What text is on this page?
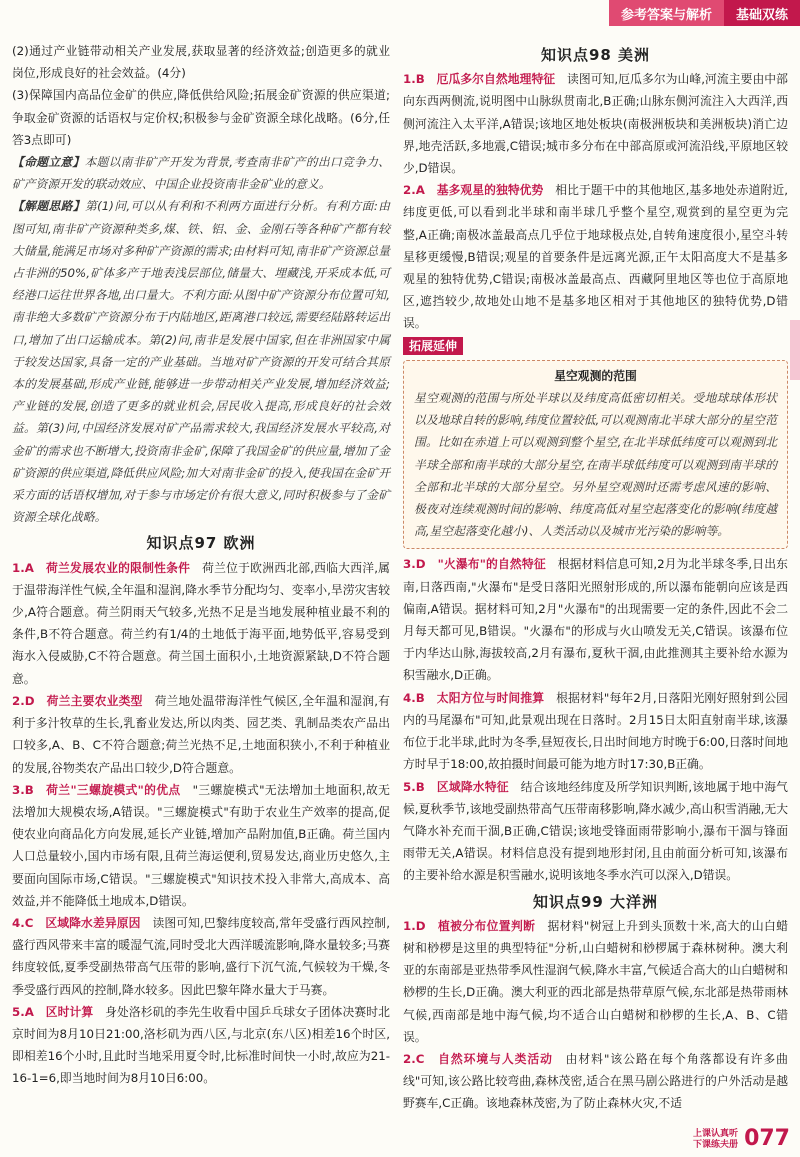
参考答案与解析	基础双练

(2)通过产业链带动相关产业发展,获取显著的经济效益;创造更多的就业岗位,形成良好的社会效益。(4分)

(3)保障国内高品位金矿的供应,降低供给风险;拓展金矿资源的供应渠道;争取金矿资源的话语权与定价权;积极参与金矿资源全球化战略。(6分,任答3点即可)

【命题立意】本题以南非矿产开发为背景,考查南非矿产的出口竞争力、矿产资源开发的联动效应、中国企业投资南非金矿业的意义。

【解题思路】第(1)问,可以从有利和不利两方面进行分析。有利方面:由图可知,南非矿产资源种类多,煤、铁、铝、金、金刚石等各种矿产都有较大储量,能满足市场对多种矿产资源的需求;由材料可知,南非矿产资源总量占非洲的50%,矿体多产于地表浅层部位,储量大、埋藏浅,开采成本低,可经港口运往世界各地,出口量大。不利方面:从图中矿产资源分布位置可知,南非绝大多数矿产资源分布于内陆地区,距离港口较远,需要经陆路转运出口,增加了出口运输成本。第(2)问,南非是发展中国家,但在非洲国家中属于较发达国家,具备一定的产业基础。当地对矿产资源的开发可结合其原本的发展基础,形成产业链,能够进一步带动相关产业发展,增加经济效益;产业链的发展,创造了更多的就业机会,居民收入提高,形成良好的社会效益。第(3)问,中国经济发展对矿产品需求较大,我国经济发展水平较高,对金矿的需求也不断增大,投资南非金矿,保障了我国金矿的供应量,增加了金矿资源的供应渠道,降低供应风险;加大对南非金矿的投入,使我国在金矿开采方面的话语权增加,对于参与市场定价有很大意义,同时积极参与了金矿资源全球化战略。

知识点97 欧洲

1.A　 荷兰发展农业的限制性条件　 荷兰位于欧洲西北部,西临大西洋,属于温带海洋性气候,全年温和湿润,降水季节分配均匀、变率小,旱涝灾害较少,A符合题意。荷兰阴雨天气较多,光热不足是当地发展种植业最不利的条件,B不符合题意。荷兰约有1/4的土地低于海平面,地势低平,容易受到海水入侵威胁,C不符合题意。荷兰国土面积小,土地资源紧缺,D不符合题意。

2.D　 荷兰主要农业类型　 荷兰地处温带海洋性气候区,全年温和湿润,有利于多汁牧草的生长,乳畜业发达,所以肉类、园艺类、乳制品类农产品出口较多,A、B、C不符合题意;荷兰光热不足,土地面积狭小,不利于种植业的发展,谷物类农产品出口较少,D符合题意。

3.B　 荷兰"三螺旋模式"的优点　 "三螺旋模式"无法增加土地面积,故无法增加大规模农场,A错误。"三螺旋模式"有助于农业生产效率的提高,促使农业向商品化方向发展,延长产业链,增加产品附加值,B正确。荷兰国内人口总量较小,国内市场有限,且荷兰海运便利,贸易发达,商业历史悠久,主要面向国际市场,C错误。"三螺旋模式"知识技术投入非常大,高成本、高效益,并不能降低土地成本,D错误。

4.C　 区域降水差异原因　 读图可知,巴黎纬度较高,常年受盛行西风控制,盛行西风带来丰富的暖湿气流,同时受北大西洋暖流影响,降水量较多;马赛纬度较低,夏季受副热带高气压带的影响,盛行下沉气流,气候较为干燥,冬季受盛行西风的控制,降水较多。因此巴黎年降水量大于马赛。

5.A　 区时计算　 身处洛杉矶的李先生收看中国乒乓球女子团体决赛时北京时间为8月10日21:00,洛杉矶为西八区,与北京(东八区)相差16个时区,即相差16个小时,且此时当地采用夏令时,比标准时间快一小时,故应为21-16-1=6,即当地时间为8月10日6:00。

知识点98 美洲

1.B　 厄瓜多尔自然地理特征　 读图可知,厄瓜多尔为山峰,河流主要由中部向东西两侧流,说明图中山脉纵贯南北,B正确;山脉东侧河流注入大西洋,西侧河流注入太平洋,A错误;该地区地处板块(南极洲板块和美洲板块)消亡边界,地壳活跃,多地震,C错误;城市多分布在中部高原或河流沿线,平原地区较少,D错误。

2.A　 基多观星的独特优势　 相比于题干中的其他地区,基多地处赤道附近,纬度更低,可以看到北半球和南半球几乎整个星空,观赏到的星空更为完整,A正确;南极冰盖最高点几乎位于地球极点处,自转角速度很小,星空斗转星移更缓慢,B错误;观星的首要条件是远离光源,正午太阳高度大不是基多观星的独特优势,C错误;南极冰盖最高点、西藏阿里地区等也位于高原地区,遮挡较少,故地处山地不是基多地区相对于其他地区的独特优势,D错误。

拓展延伸

星空观测的范围

星空观测的范围与所处半球以及纬度高低密切相关。受地球球体形状以及地球自转的影响,纬度位置较低,可以观测南北半球大部分的星空范围。比如在赤道上可以观测到整个星空,在北半球低纬度可以观测到北半球全部和南半球的大部分星空,在南半球低纬度可以观测到南半球的全部和北半球的大部分星空。另外星空观测时还需考虑风速的影响、极夜对连续观测时间的影响、纬度高低对星空起落变化的影响(纬度越高,星空起落变化越小)、人类活动以及城市光污染的影响等。

3.D　 "火瀑布"的自然特征　 根据材料信息可知,2月为北半球冬季,日出东南,日落西南,"火瀑布"是受日落阳光照射形成的,所以瀑布能朝向应该是西偏南,A错误。据材料可知,2月"火瀑布"的出现需要一定的条件,因此不会二月每天都可见,B错误。"火瀑布"的形成与火山喷发无关,C错误。该瀑布位于内华达山脉,海拔较高,2月有瀑布,夏秋干涸,由此推测其主要补给水源为积雪融水,D正确。

4.B　 太阳方位与时间推算　 根据材料"每年2月,日落阳光刚好照射到公园内的马尾瀑布"可知,此景观出现在日落时。2月15日太阳直射南半球,该瀑布位于北半球,此时为冬季,昼短夜长,日出时间地方时晚于6:00,日落时间地方时早于18:00,故拍摄时间最可能为地方时17:30,B正确。

5.B　 区域降水特征　 结合该地经纬度及所学知识判断,该地属于地中海气候,夏秋季节,该地受副热带高气压带南移影响,降水减少,高山积雪消融,无大气降水补充而干涸,B正确,C错误;该地受锋面雨带影响小,瀑布干涸与锋面雨带无关,A错误。材料信息没有提到地形封闭,且由前面分析可知,该瀑布的主要补给水源是积雪融水,说明该地冬季水汽可以深入,D错误。

知识点99 大洋洲

1.D　 植被分布位置判断　 据材料"树冠上升到头顶数十米,高大的山白蜡树和桫椤是这里的典型特征"分析,山白蜡树和桫椤属于森林树种。澳大利亚的东南部是亚热带季风性湿润气候,降水丰富,气候适合高大的山白蜡树和桫椤的生长,D正确。澳大利亚的西北部是热带草原气候,东北部是热带雨林气候,西南部是地中海气候,均不适合山白蜡树和桫椤的生长,A、B、C错误。

2.C　 自然环境与人类活动　 由材料"该公路在每个角落都设有许多曲线"可知,该公路比较弯曲,森林茂密,适合在黑马剧公路进行的户外活动是越野赛车,C正确。该地森林茂密,为了防止森林火灾,不适

上课认真听
下课练夫册 077
